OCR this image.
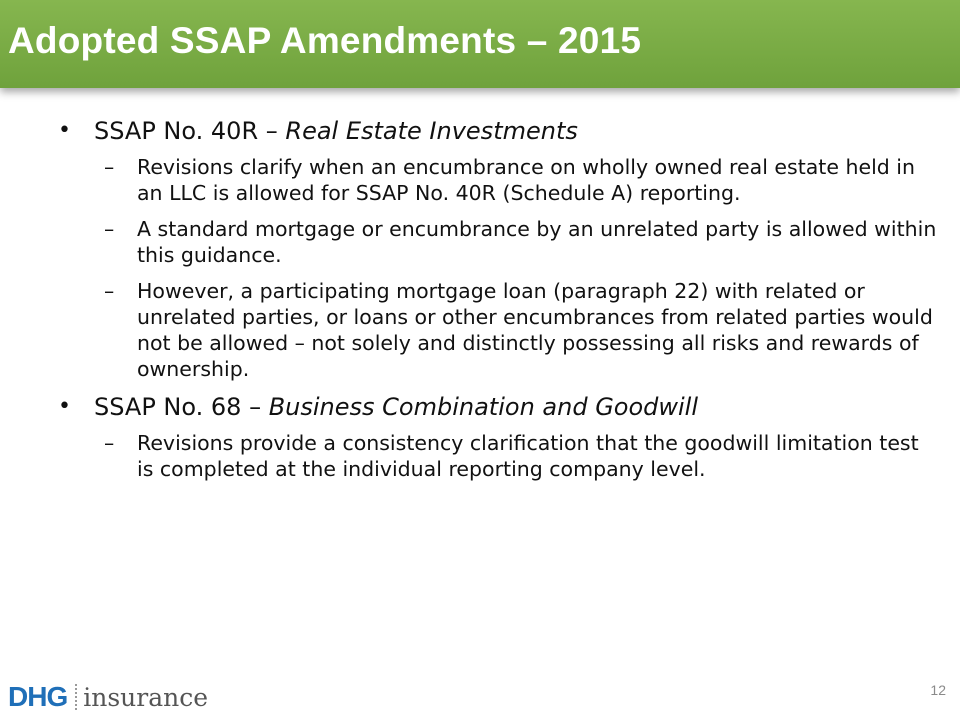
Adopted SSAP Amendments – 2015
• SSAP No. 40R – Real Estate Investments
– Revisions clarify when an encumbrance on wholly owned real estate held in an LLC is allowed for SSAP No. 40R (Schedule A) reporting.
– A standard mortgage or encumbrance by an unrelated party is allowed within this guidance.
– However, a participating mortgage loan (paragraph 22) with related or unrelated parties, or loans or other encumbrances from related parties would not be allowed – not solely and distinctly possessing all risks and rewards of ownership.
• SSAP No. 68 – Business Combination and Goodwill
– Revisions provide a consistency clarification that the goodwill limitation test is completed at the individual reporting company level.
DHG insurance	12
